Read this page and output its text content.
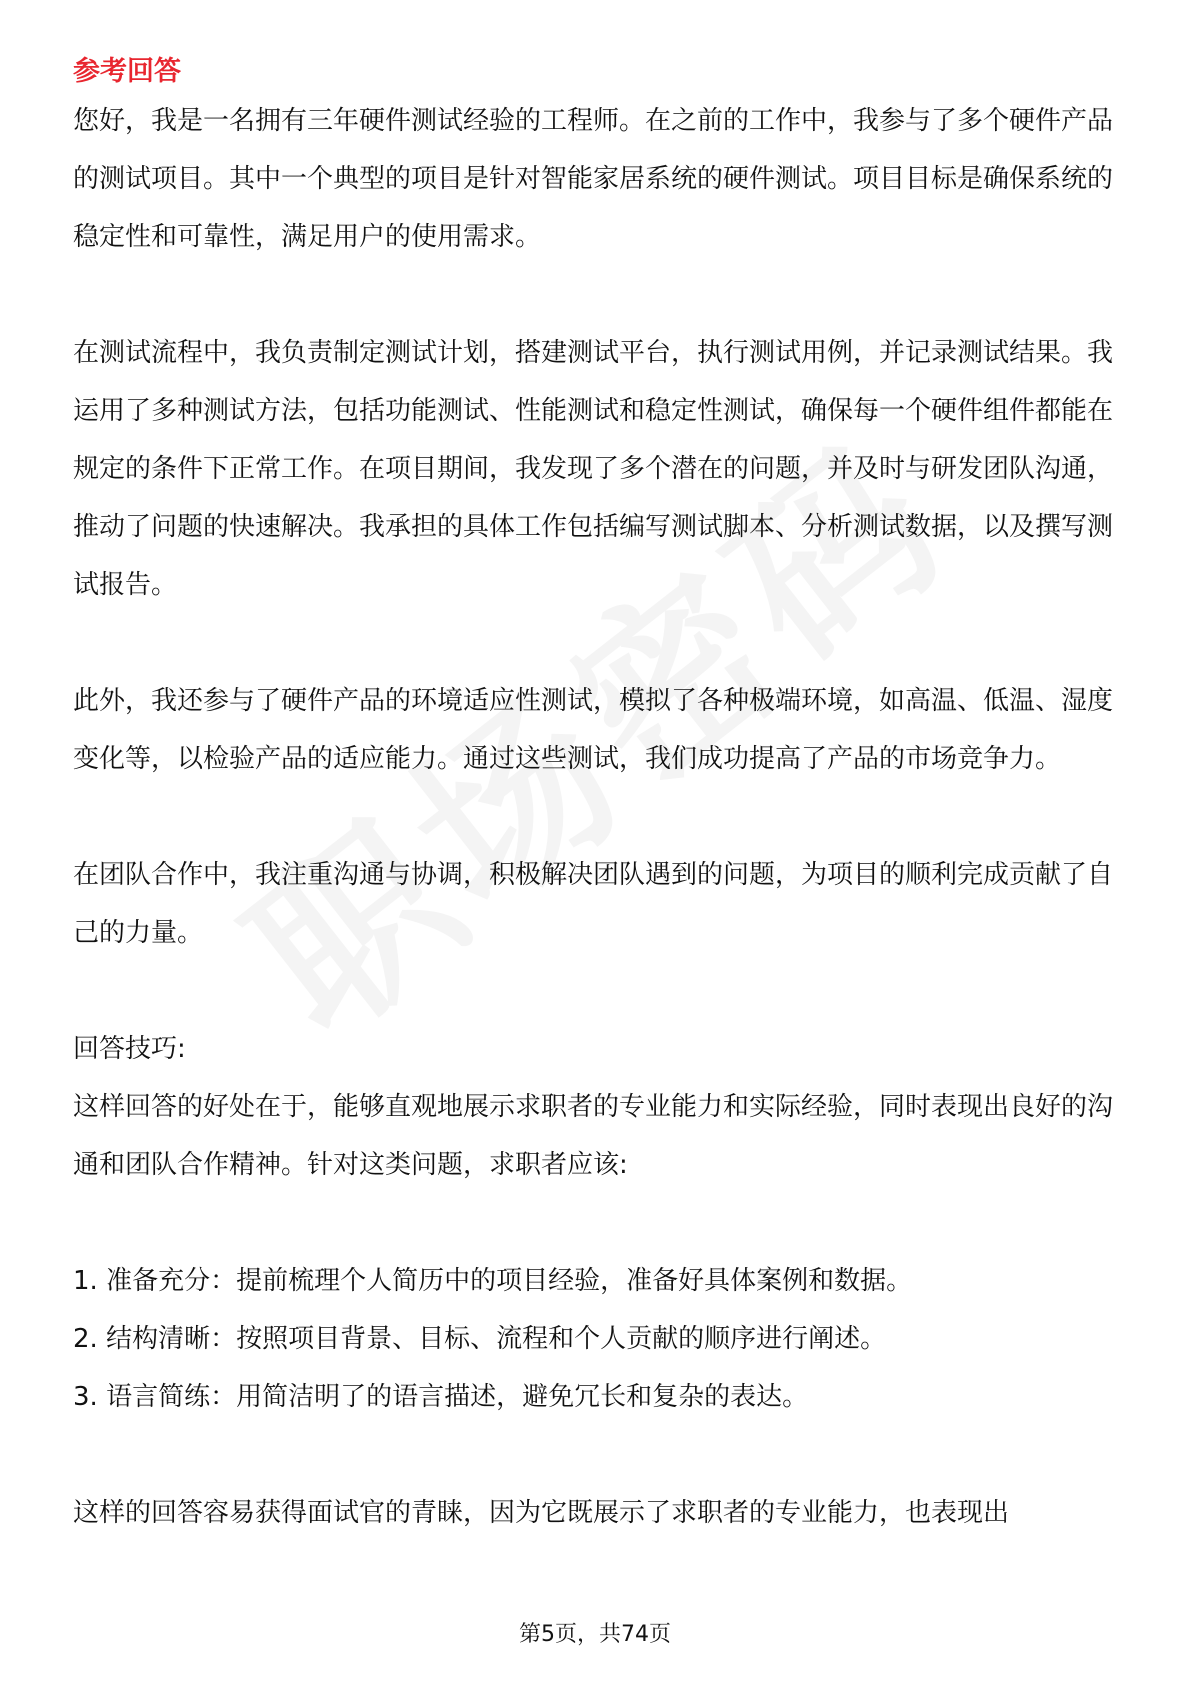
参考回答

您好，我是一名拥有三年硬件测试经验的工程师。在之前的工作中，我参与了多个硬件产品的测试项目。其中一个典型的项目是针对智能家居系统的硬件测试。项目目标是确保系统的稳定性和可靠性，满足用户的使用需求。

在测试流程中，我负责制定测试计划，搭建测试平台，执行测试用例，并记录测试结果。我运用了多种测试方法，包括功能测试、性能测试和稳定性测试，确保每一个硬件组件都能在规定的条件下正常工作。在项目期间，我发现了多个潜在的问题，并及时与研发团队沟通，推动了问题的快速解决。我承担的具体工作包括编写测试脚本、分析测试数据，以及撰写测试报告。

此外，我还参与了硬件产品的环境适应性测试，模拟了各种极端环境，如高温、低温、湿度变化等，以检验产品的适应能力。通过这些测试，我们成功提高了产品的市场竞争力。

在团队合作中，我注重沟通与协调，积极解决团队遇到的问题，为项目的顺利完成贡献了自己的力量。

回答技巧:

这样回答的好处在于，能够直观地展示求职者的专业能力和实际经验，同时表现出良好的沟通和团队合作精神。针对这类问题，求职者应该:

1. 准备充分：提前梳理个人简历中的项目经验，准备好具体案例和数据。

2. 结构清晰：按照项目背景、目标、流程和个人贡献的顺序进行阐述。

3. 语言简练：用简洁明了的语言描述，避免冗长和复杂的表达。

这样的回答容易获得面试官的青睐，因为它既展示了求职者的专业能力，也表现出

第5页，共74页
